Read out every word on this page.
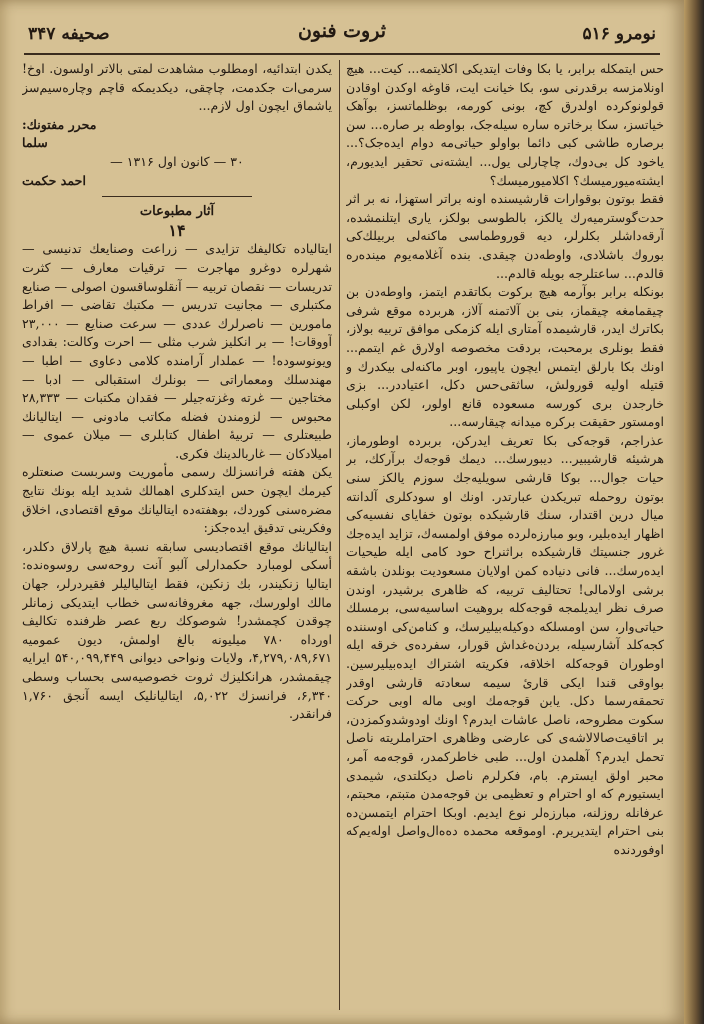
صحیفه ۳۴۷	ثروت فنون	نومرو ۵۱۶

حس ایتمکله برابر، یا بکا وفات ایتدیکی اکلایتمه... کیت... هیچ اونلامزسه برقدرنی سو، بکا خیانت ایت، قاوغه اوکدن اوقادن قولونوکرده اولدرق کچ، بونی کورمه، بوظلماتسز، بوآهک خیاتسز، سکا برخاتره ساره سیله‌جک، بواوطه بر صاره... سن برصاره طاشی کبی دائما بواولو حیاتی‌مه دوام ایده‌جک؟... یاخود کل بی‌دوك، چاچارلی یول... ایشته‌نی تحقیر ایدیورم، ایشته‌میورمیسك؟ اکلامیورمیسك؟

فقط بوتون بوقوارات قارشیسنده اونه براتر استهزا، نه بر اثر حدت‌گوسترمیه‌رك یالکز، بالطوسی بولکز، یاری ایتلنمشده، آرقه‌داشلر بکلرلر، دیه قوروطماسی ماکنه‌لی بربیلك‌کی بوروك باشلادی، واوطه‌دن چیقدی. بنده آغلامه‌یوم مینده‌ره قالدم... ساعتلرجه بویله قالدم...

بونکله برابر بوآرمه هیچ برکوت بکاتقدم ایتمز، واوطه‌دن بن چیقمامغه چیقماز، بنی بن آلاتمنه آلاز، هربرده موقع شرفی بکا‌ترك ایدر، قارشیمده آمتاری ایله کزمکی موافق تربیه بولاز، فقط بونلری برمحبت، بردقت مخصوصه اولارق غم ایتمم... اونك بکا بارلق ایتمس ایچون یاپیور، اوبر ماکنه‌لی بیکدرك و قتیله اولیه قورولش، ساثقی‌حس دکل، اعتیاددر... بزی خارجدن بری کورسه مسعوده قانع اولور، لکن اوکبلی اومستور حقیقت برکره میدانه چیقارسه...

عذراجم، قوجه‌کی بکا تعریف ایدرکن، بربرده اوطورماز، هرشیئه قارشیبیر... دیبورسك... دیمك قوجه‌ك برآرکك، بر حیات جوال... بوکا قارشی سویلیه‌جك سوزم یالکز سنی بوتون روحمله تبریکدن عبارتدر. اونك او سودکلری آلدانته میال درین اقتدار، سنك قارشیکده بوتون خفایای نفسیه‌کی اظهار ایده‌بلیر، وبو مبارزه‌لرده موفق اولمسه‌ك، تزاید ایده‌جك غرور جنسیتك قارشیکده براثنراح حود کامی ایله طیحیات ایده‌رسك... فانی دنیاده کمن اولایان مسعودیت بونلدن باشقه برشی اولامالی! تحتالیف تربیه، که ظاهری برشیدر، اوندن صرف نظر ایدیلمجه قوجه‌کله بروهیت اساسیه‌سی، برمسلك حیاتی‌وار، سن اومسلکه دوکیله‌بیلیرسك، و کنامن‌کی اوسننده کجه‌کلد آشارسیله، بردن‌ه‌غداش قورار، سفرده‌ی خرقه ایله اوطوران قوجه‌کله اخلاقه، فکریته اشتراك ایده‌بیلیرسین. بواوقی قندا ایکی قارئ سیمه سعادته قارشی اوقدر تحمقه‌رسما دکل. یابن قوجه‌مك اوبی ماله اوبی حرکت سکوت مطروحه، ناصل عاشات ایدرم؟ اونك اودوشدوکمزدن، بر اتاقیت‌صالالاشه‌ی کی عارضی وظاهری احتراملریته ناصل تحمل ایدرم؟ آهلمدن اول... طبی خاطرکمدر، قوجه‌مه آمر، محبر اولق ایسترم. بام، فکرلرم ناصل دیکلتدی، شیمدی ایستیورم که او احترام و تعظیمی بن قوجه‌مدن متبتم، محبتم، عرفانله روزلنه، مبارزه‌لر نوع ایدیم. اوبکا احترام ایتمسن‌ده بنی احترام ایتدیریرم. اوموقعه محمده ده‌ه‌ال‌واصل اوله‌یم‌که اوفوردنده

یکدن ابتدائیه، اومطلوب مشاهدت لمتی بالاتر اولسون. اوخ! سرمی‌ات جکدمت، چاچقی، دیکدیمکه قاچم وچاره‌سیم‌سز یاشماق ایچون اول لازم...

محرر مفتونك:

سلما

۳۰ — کانون اول ۱۳۱۶ —

احمد حکمت

آثار مطبوعات

۱۴

ایتالیاده تکالیفك تزایدی — زراعت وصنایعك تدنیسی — شهرلره دوغرو مهاجرت — ترقیات معارف — کثرت تدریسات — نقصان تربیه — آنقلوساقسون اصولی — صنایع مکتبلری — مجانیت تدریس — مکتبك تقاضی — افراط مامورین — ناصرلرك عددی — سرعت صنایع — ۲۳,۰۰۰ آووقات! — بر انکلیز شرب مثلی — احرت وکالت: بقدادی ویونوسوده! — عملدار آرامنده کلامی دعاوی — اطبا — مهندسلك ومعماراتی — بونلرك استقبالی — ادبا — مختاجین — غرته وغزته‌جیلر — فقدان مکتبات — ۲۸,۳۳۳ محبوس — لزومندن فضله مکاتب مادونی — ایتالیانك طبیعتلری — تربیهٔ اطفال کتابلری — میلان عموی — امیلادکان — غاربالدینك فکری.

یکن هفته فرانسزلك رسمی مأموریت وسربست صنعتلره کیرمك ایچون حس ایتدکلری اهمالك شدید ایله بونك نتایج مضره‌سنی کوردك، بوهفته‌ده ایتالیانك موقع اقتصادی، اخلاق وفکرینی تدقیق ایده‌جکز:

ایتالیانك موقع اقتصادیسی سابقه نسبة هیچ پارلاق دکلدر، أسکی لومبارد حکمدارلی آلبو آنت روحه‌سی روسوه‌نده: ایتالیا زنکیندر، بك زنکین، فقط ایتالیالیلر فقیردرلر، جهان مالك اولورسك، جهه مغروفانه‌سی خطاب ایتدیکی زمانلر چوقدن کچمشدر! شوصوکك ربع عصر ظرفنده تکالیف اورداه ۷۸۰ میلیونه بالغ اولمش، دیون عمومیه ۴,۲۷۹,۰۸۹,۶۷۱، ولایات ونواحی دیوانی ۵۴۰,۰۹۹,۴۴۹ ایرایه چیقمشدر، هرانکلیزك ثروت خصوصیه‌سی بحساب وسطی ۶,۳۴۰، فرانسزك ۵,۰۲۲، ایتالیانلیک ایسه آنجق ۱,۷۶۰ فرانقدر.
